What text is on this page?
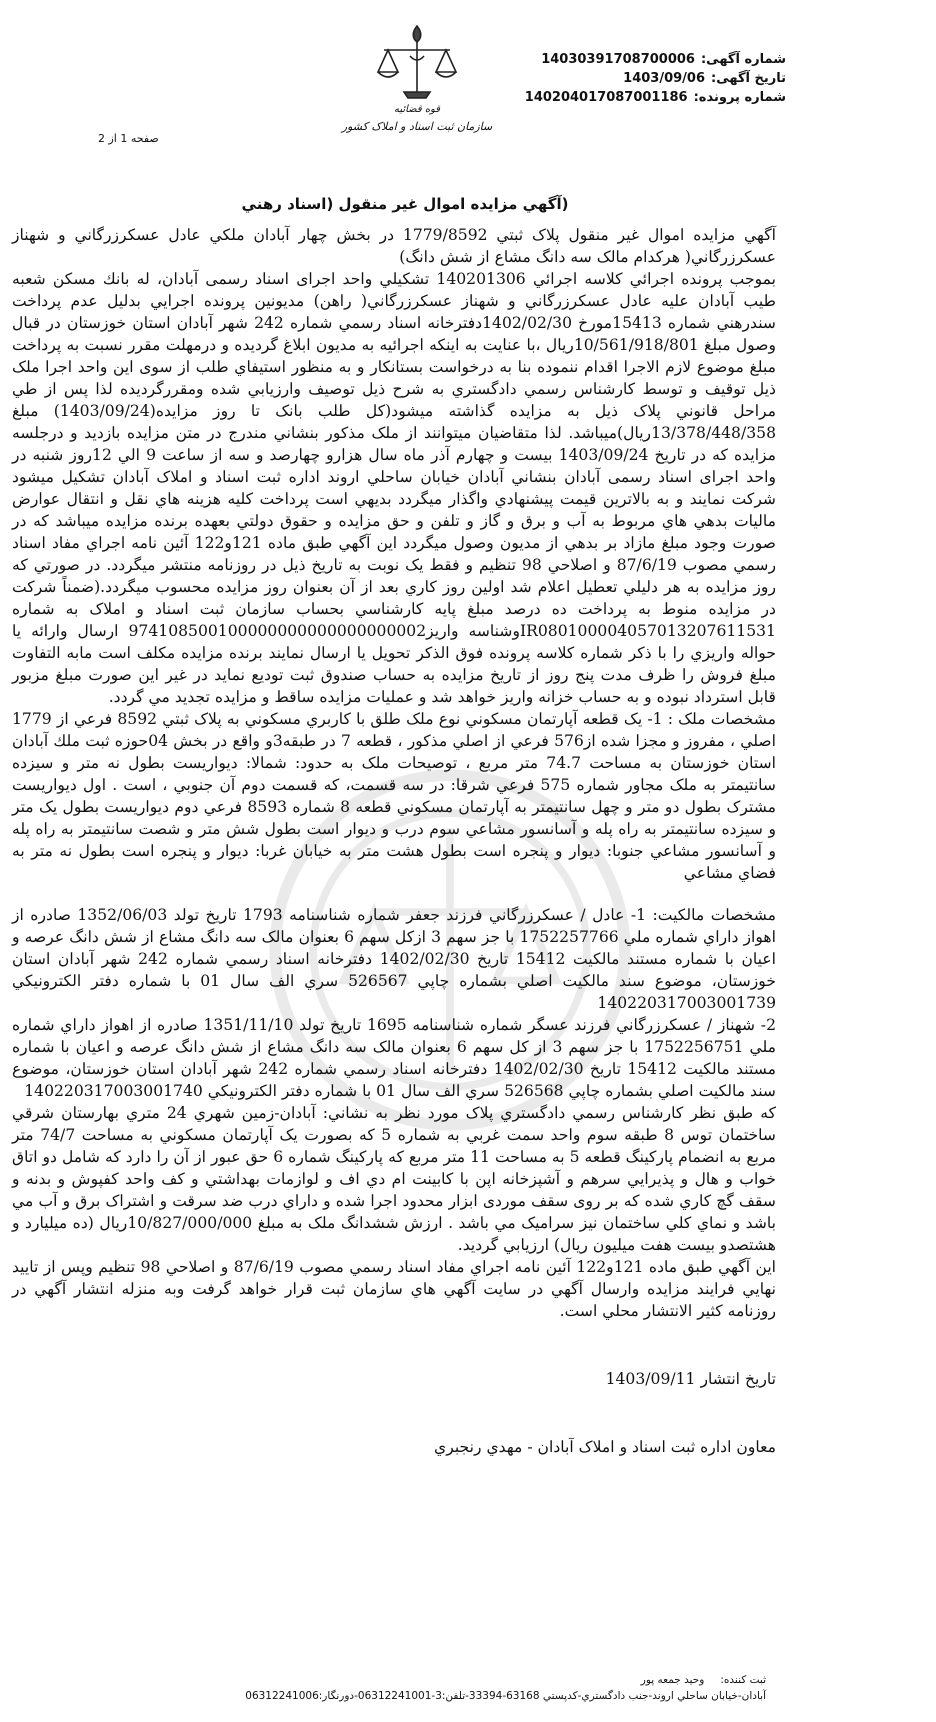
قوه قضائیه
سازمان ثبت اسناد و املاک کشور
شماره آگهی:14030391708700006
تاریخ آگهی:1403/09/06
شماره پرونده:140204017087001186
صفحه 1 از 2
(آگهي مزايده اموال غير منقول (اسناد رهني

آگهي مزايده اموال غير منقول پلاک ثبتي 1779/8592 در بخش چهار آبادان ملکي عادل عسکرزرگاني و شهناز عسکرزرگاني( هرکدام مالک سه دانگ مشاع از شش دانگ)

بموجب پرونده اجرائي کلاسه اجرائي 140201306 تشکيلي واحد اجرای اسناد رسمی آبادان، له بانك مسکن شعبه طيب آبادان عليه عادل عسکرزرگاني و شهناز عسکرزرگاني( راهن) مديونين پرونده اجرايي بدليل عدم پرداخت سندرهني شماره 15413مورخ 1402/02/30دفترخانه اسناد رسمي شماره 242 شهر آبادان استان خوزستان در قبال وصول مبلغ 10/561/918/801ريال ،با عنايت به اينکه اجرائيه به مديون ابلاغ گرديده و درمهلت مقرر نسبت به پرداخت مبلغ موضوع لازم الاجرا اقدام ننموده بنا به درخواست بستانکار و به منظور استيفاي طلب از سوی اين واحد اجرا ملک ذيل توقيف و توسط کارشناس رسمي دادگستري به شرح ذيل توصيف وارزيابي شده ومقررگرديده لذا پس از طي مراحل قانوني پلاک ذيل به مزايده گذاشته ميشود(کل طلب بانک تا روز مزايده(1403/09/24) مبلغ 13/378/448/358ريال)ميباشد. لذا متقاضيان ميتوانند از ملک مذکور بنشاني مندرج در متن مزايده بازديد و درجلسه مزايده که در تاريخ 1403/09/24 بيست و چهارم آذر ماه سال هزارو چهارصد و سه از ساعت 9 الي 12روز شنبه در واحد اجرای اسناد رسمی آبادان بنشاني آبادان خيابان ساحلي اروند اداره ثبت اسناد و املاک آبادان تشکيل ميشود شرکت نمايند و به بالاترين قيمت پيشنهادي واگذار ميگردد بديهي است پرداخت کليه هزينه هاي نقل و انتقال عوارض ماليات بدهي هاي مربوط به آب و برق و گاز و تلفن و حق مزايده و حقوق دولتي بعهده برنده مزايده ميباشد که در صورت وجود مبلغ مازاد بر بدهي از مديون وصول ميگردد اين آگهي طبق ماده 121و122 آئين نامه اجراي مفاد اسناد رسمي مصوب 87/6/19 و اصلاحي 98 تنظيم و فقط يک نوبت به تاريخ ذيل در روزنامه منتشر ميگردد. در صورتي که روز مزايده به هر دليلي تعطيل اعلام شد اولين روز کاري بعد از آن بعنوان روز مزايده محسوب ميگردد.(ضمناً شرکت در مزايده منوط به پرداخت ده درصد مبلغ پايه کارشناسي بحساب سازمان ثبت اسناد و املاک به شماره IR080100004057013207611531وشناسه واريز974108500100000000000000000002 ارسال وارائه يا حواله واريزي را با ذکر شماره کلاسه پرونده فوق الذکر تحويل يا ارسال نمايند برنده مزايده مکلف است مابه التفاوت مبلغ فروش را ظرف مدت پنج روز از تاريخ مزايده به حساب صندوق ثبت توديع نمايد در غير اين صورت مبلغ مزبور قابل استرداد نبوده و به حساب خزانه واريز خواهد شد و عمليات مزايده ساقط و مزايده تجديد مي گردد.

مشخصات ملک : 1- يک قطعه آپارتمان مسکوني نوع ملک طلق با کاربري مسکوني به پلاک ثبتي 8592 فرعي از 1779 اصلي ، مفروز و مجزا شده از576 فرعي از اصلي مذکور ، قطعه 7 در طبقه3و واقع در بخش 04حوزه ثبت ملك آبادان استان خوزستان به مساحت 74.7 متر مربع ، توصيحات ملک به حدود: شمالا: ديواريست بطول نه متر و سيزده سانتيمتر به ملک مجاور شماره 575 فرعي شرقا: در سه قسمت، که قسمت دوم آن جنوبي ، است . اول ديواريست مشترک بطول دو متر و چهل سانتيمتر به آپارتمان مسکوني قطعه 8 شماره 8593 فرعي دوم ديواريست بطول يک متر و سيزده سانتيمتر به راه پله و آسانسور مشاعي سوم درب و ديوار است بطول شش متر و شصت سانتيمتر به راه پله و آسانسور مشاعي جنوبا: ديوار و پنجره است بطول هشت متر به خيابان غربا: ديوار و پنجره است بطول نه متر به فضاي مشاعي

مشخصات مالکيت: 1- عادل / عسکرزرگاني فرزند جعفر شماره شناسنامه 1793 تاريخ تولد 1352/06/03 صادره از اهواز داراي شماره ملي 1752257766 با جز سهم 3 ازکل سهم 6 بعنوان مالک سه دانگ مشاع از شش دانگ عرصه و اعيان با شماره مستند مالکيت 15412 تاريخ 1402/02/30 دفترخانه اسناد رسمي شماره 242 شهر آبادان استان خوزستان، موضوع سند مالکيت اصلي بشماره چاپي 526567 سري الف سال 01 با شماره دفتر الكترونيكي 140220317003001739

2- شهناز / عسکرزرگاني فرزند عسگر شماره شناسنامه 1695 تاريخ تولد 1351/11/10 صادره از اهواز داراي شماره ملي 1752256751 با جز سهم 3 از کل سهم 6 بعنوان مالک سه دانگ مشاع از شش دانگ عرصه و اعيان با شماره مستند مالکيت 15412 تاريخ 1402/02/30 دفترخانه اسناد رسمي شماره 242 شهر آبادان استان خوزستان، موضوع سند مالکيت اصلي بشماره چاپي 526568 سري الف سال 01 با شماره دفتر الكترونيكي 140220317003001740

که طبق نظر کارشناس رسمي دادگستري پلاک مورد نظر به نشاني: آبادان-زمين شهري 24 متري بهارستان شرقي ساختمان توس 8 طبقه سوم واحد سمت غربي به شماره 5 که بصورت يک آپارتمان مسکوني به مساحت 74/7 متر مربع به انضمام پارکينگ قطعه 5 به مساحت 11 متر مربع که پارکينگ شماره 6 حق عبور از آن را دارد که شامل دو اتاق خواب و هال و پذيرايي سرهم و آشپزخانه اپن با کابينت ام دي اف و لوازمات بهداشتي و کف واحد کفپوش و بدنه و سقف گچ کاري شده که بر روی سقف موردی ابزار محدود اجرا شده و داراي درب ضد سرقت و اشتراک برق و آب مي باشد و نماي کلي ساختمان نيز سراميک مي باشد . ارزش ششدانگ ملک به مبلغ 10/827/000/000ريال (ده ميليارد و هشتصدو بيست هفت ميليون ريال) ارزيابي گرديد.

اين آگهي طبق ماده 121و122 آئين نامه اجراي مفاد اسناد رسمي مصوب 87/6/19 و اصلاحي 98 تنظيم وپس از تاييد نهايي فرايند مزايده وارسال آگهي در سايت آگهي هاي سازمان ثبت قرار خواهد گرفت وبه منزله انتشار آگهي در روزنامه كثير الانتشار محلي است.

تاريخ انتشار 1403/09/11

معاون اداره ثبت اسناد و املاک آبادان - مهدي رنجبري

ثبت كننده:وحيد جمعه پور
آبادان-خيابان ساحلي اروند-جنب دادگستري-كدپستي 63168-33394-تلفن:3-06312241001-دورنگار:06312241006
